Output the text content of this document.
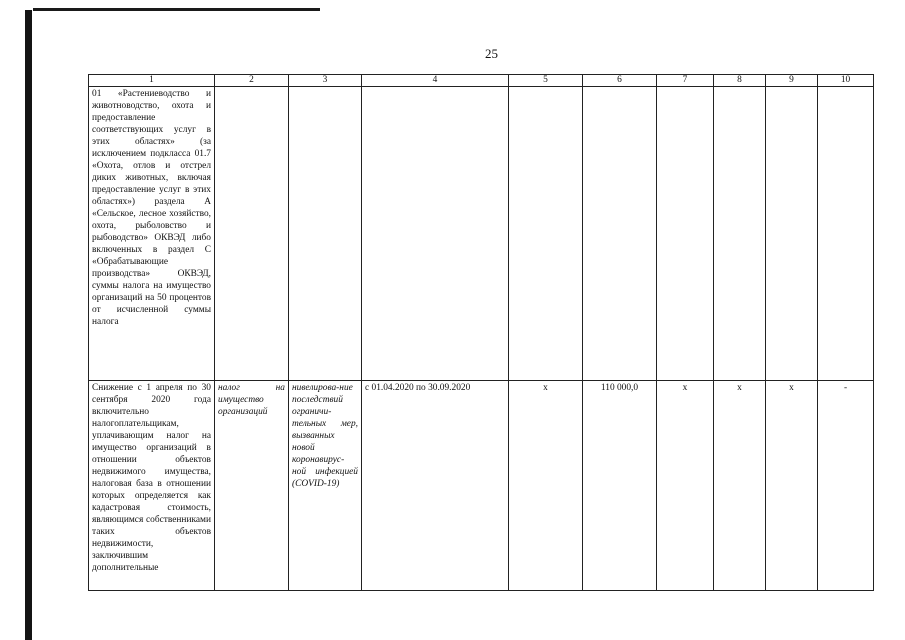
25
1	2	3	4	5	6	7	8	9	10
01 «Растениеводство и животноводство, охота и предоставление соответствующих услуг в этих областях» (за исключением подкласса 01.7 «Охота, отлов и отстрел диких животных, включая предоставление услуг в этих областях») раздела А «Сельское, лесное хозяйство, охота, рыболовство и рыбоводство» ОКВЭД либо включенных в раздел С «Обрабатывающие производства» ОКВЭД, суммы налога на имущество организаций на 50 процентов от исчисленной суммы налога									
Снижение с 1 апреля по 30 сентября 2020 года включительно налогоплательщикам, уплачивающим налог на имущество организаций в отношении объектов недвижимого имущества, налоговая база в отношении которых определяется как кадастровая стоимость, являющимся собственниками таких объектов недвижимости, заключившим дополнительные	налог на имущество организаций	нивелирова-ние последствий ограничи-тельных мер, вызванных новой коронавирус-ной инфекцией (COVID-19)	с 01.04.2020 по 30.09.2020	х	110 000,0	х	х	х	-
